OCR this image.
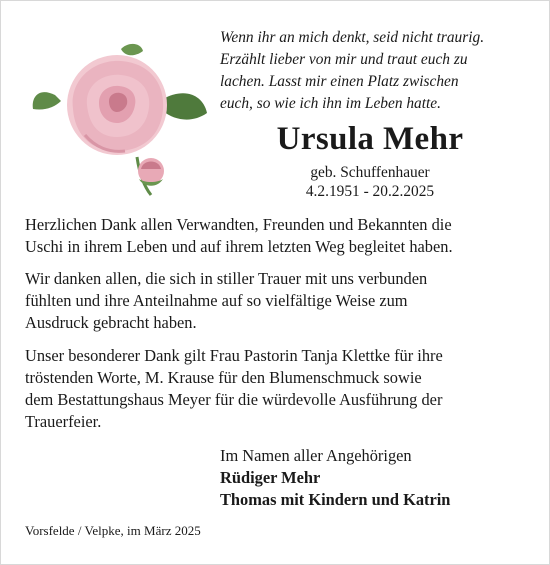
Wenn ihr an mich denkt, seid nicht traurig.
Erzählt lieber von mir und traut euch zu
lachen. Lasst mir einen Platz zwischen
euch, so wie ich ihn im Leben hatte.
Ursula Mehr
geb. Schuffenhauer
4.2.1951 - 20.2.2025
Herzlichen Dank allen Verwandten, Freunden und Bekannten die
Uschi in ihrem Leben und auf ihrem letzten Weg begleitet haben.
Wir danken allen, die sich in stiller Trauer mit uns verbunden
fühlten und ihre Anteilnahme auf so vielfältige Weise zum
Ausdruck gebracht haben.
Unser besonderer Dank gilt Frau Pastorin Tanja Klettke für ihre
tröstenden Worte, M. Krause für den Blumenschmuck sowie
dem Bestattungshaus Meyer für die würdevolle Ausführung der
Trauerfeier.
Im Namen aller Angehörigen
Rüdiger Mehr
Thomas mit Kindern und Katrin
Vorsfelde / Velpke, im März 2025
